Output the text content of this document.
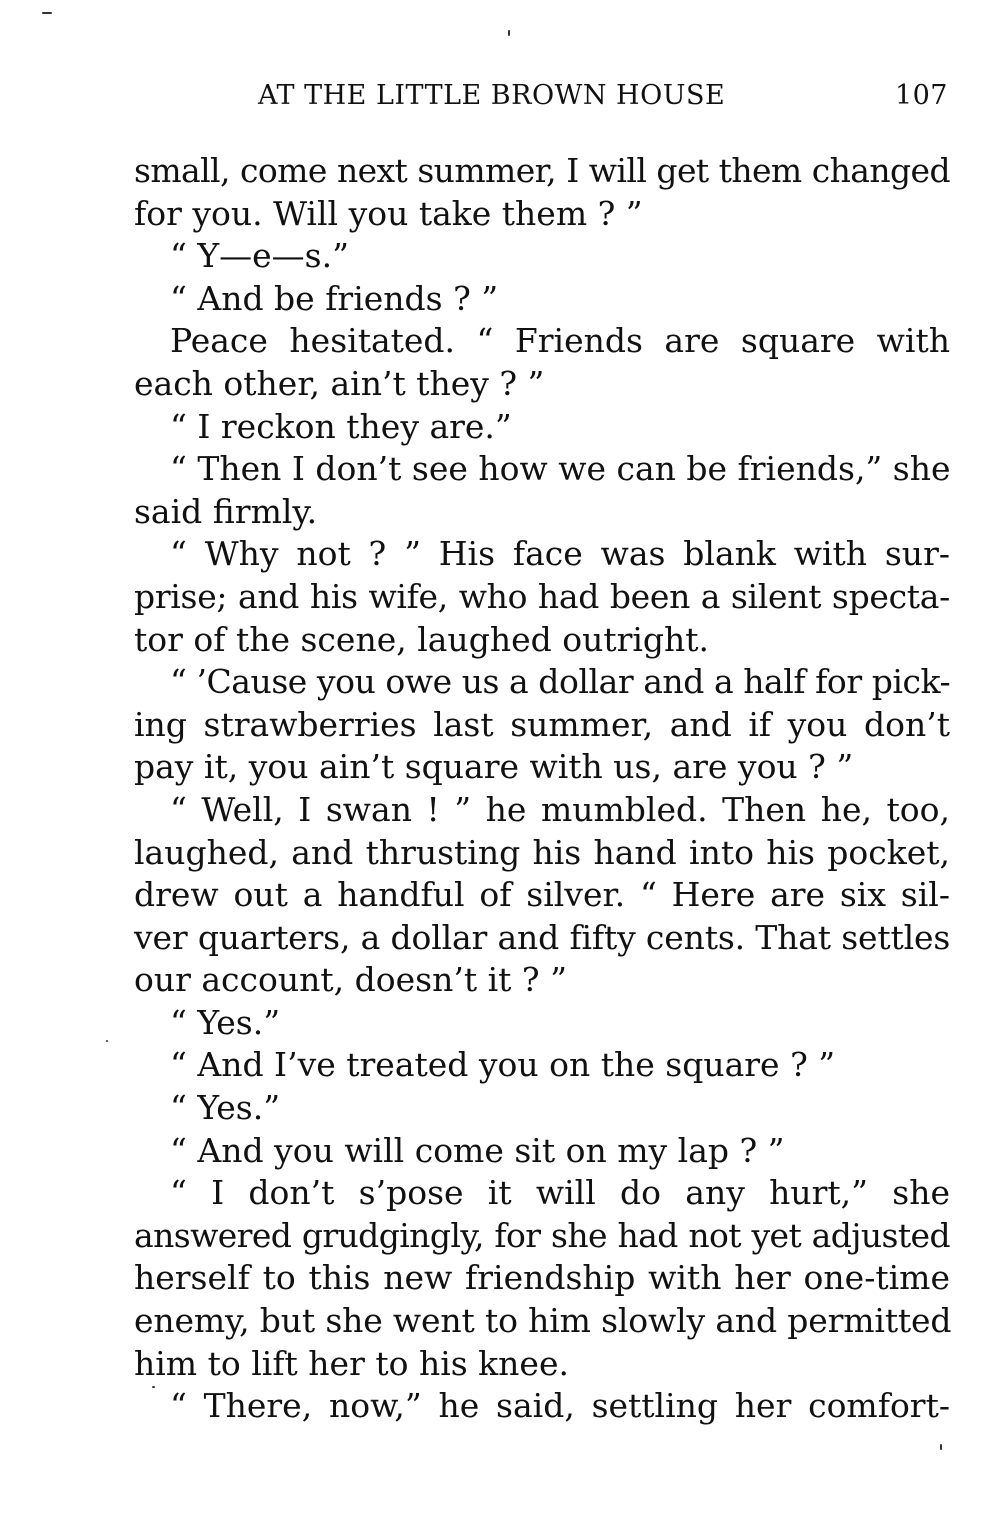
AT THE LITTLE BROWN HOUSE	107
small, come next summer, I will get them changed
for you. Will you take them ? ”
“ Y—e—s.”
“ And be friends ? ”
Peace hesitated. “ Friends are square with
each other, ain’t they ? ”
“ I reckon they are.”
“ Then I don’t see how we can be friends,” she
said firmly.
“ Why not ? ” His face was blank with sur-
prise; and his wife, who had been a silent specta-
tor of the scene, laughed outright.
“ ’Cause you owe us a dollar and a half for pick-
ing strawberries last summer, and if you don’t
pay it, you ain’t square with us, are you ? ”
“ Well, I swan ! ” he mumbled. Then he, too,
laughed, and thrusting his hand into his pocket,
drew out a handful of silver. “ Here are six sil-
ver quarters, a dollar and fifty cents. That settles
our account, doesn’t it ? ”
“ Yes.”
“ And I’ve treated you on the square ? ”
“ Yes.”
“ And you will come sit on my lap ? ”
“ I don’t s’pose it will do any hurt,” she
answered grudgingly, for she had not yet adjusted
herself to this new friendship with her one-time
enemy, but she went to him slowly and permitted
him to lift her to his knee.
“ There, now,” he said, settling her comfort-
